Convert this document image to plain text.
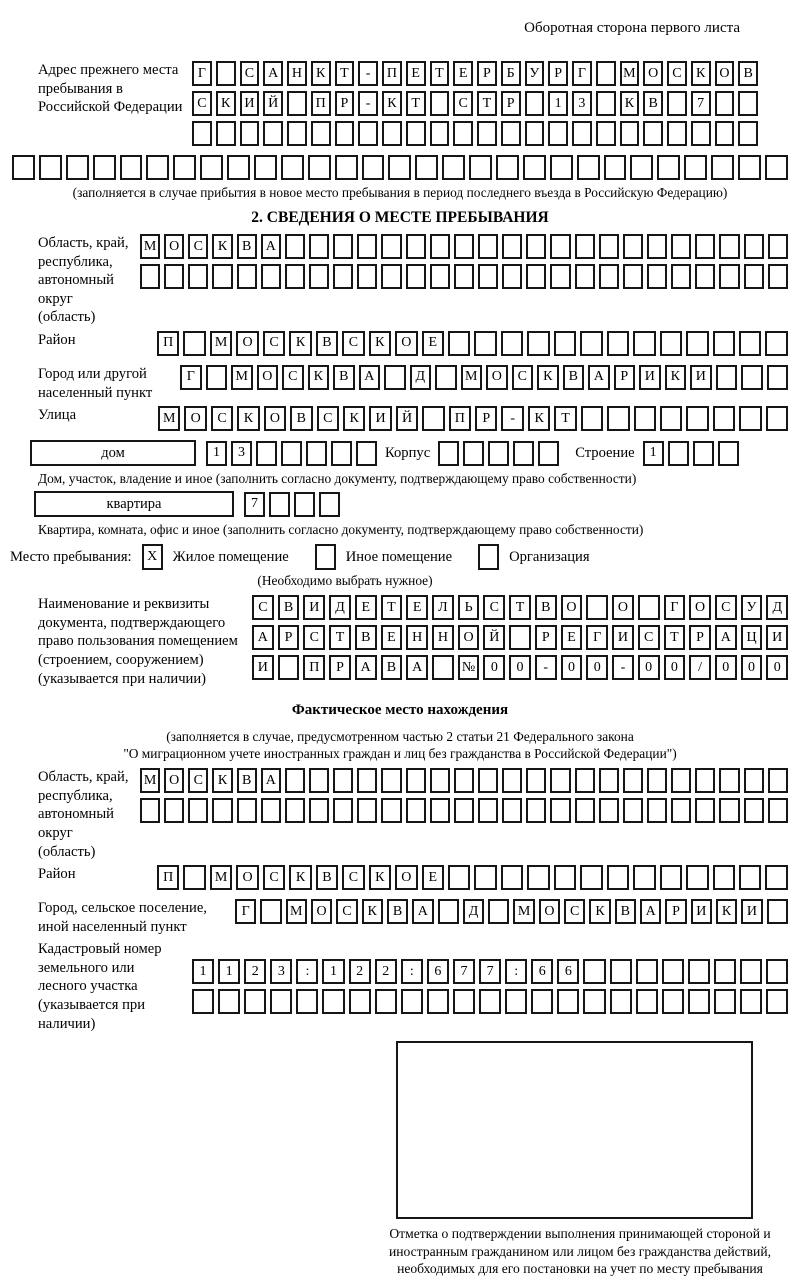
Оборотная сторона первого листа
Адрес прежнего места пребывания в Российской Федерации
Г	С	А Н	К	Т	-	П	Е	Т	Е	Р	Б	У	Р	Г	М О	С	К	О	В
С	К	И Й	П	Р	-	К	Т	С	Т	Р	1	3	К	В	7
(заполняется в случае прибытия в новое место пребывания в период последнего въезда в Российскую Федерацию)
2. СВЕДЕНИЯ О МЕСТЕ ПРЕБЫВАНИЯ
Область, край, республика, автономный округ (область)
М О	С	К	В	А
Район	П	М	О	С	К	В	С	К	О	Е
Город или другой населенный пункт
Г	М	О	С	К	В	А	Д	М	О	С	К	В	А	Р	И	К	И
Улица	М	О	С	К	О	В	С	К	И	Й	П	Р	-	К	Т
дом	1	3	Корпус	Строение	1
Дом, участок, владение и иное (заполнить согласно документу, подтверждающему право собственности)
квартира	7
Квартира, комната, офис и иное (заполнить согласно документу, подтверждающему право собственности)
Место пребывания:	X	Жилое помещение	Иное помещение	Организация
(Необходимо выбрать нужное)
Наименование и реквизиты документа, подтверждающего право пользования помещением (строением, сооружением) (указывается при наличии)
С	В	И	Д	Е	Т	Е	Л	Ь	С	Т	В	О	О	Г	О	С	У	Д
А	Р	С	Т	В	Е	Н	Н	О	Й	Р	Е	Г	И	С	Т	Р	А	Ц	И
И	П	Р	А	В	А	№	0	0	-	0	0	-	0	0	/	0	0	0
Фактическое место нахождения
(заполняется в случае, предусмотренном частью 2 статьи 21 Федерального закона
"О миграционном учете иностранных граждан и лиц без гражданства в Российской Федерации")
Область, край, республика, автономный округ (область)
М О	С	К	В	А
Район	П	М	О	С	К	В	С	К	О	Е
Город, сельское поселение, иной населенный пункт
Г	М	О	С	К	В	А	Д	М	О	С	К	В	А	Р	И	К	И
Кадастровый номер земельного или лесного участка (указывается при наличии)
1	1	2	3	:	1	2	2	:	6	7	7	:	6	6
Отметка о подтверждении выполнения принимающей стороной и иностранным гражданином или лицом без гражданства действий, необходимых для его постановки на учет по месту пребывания
